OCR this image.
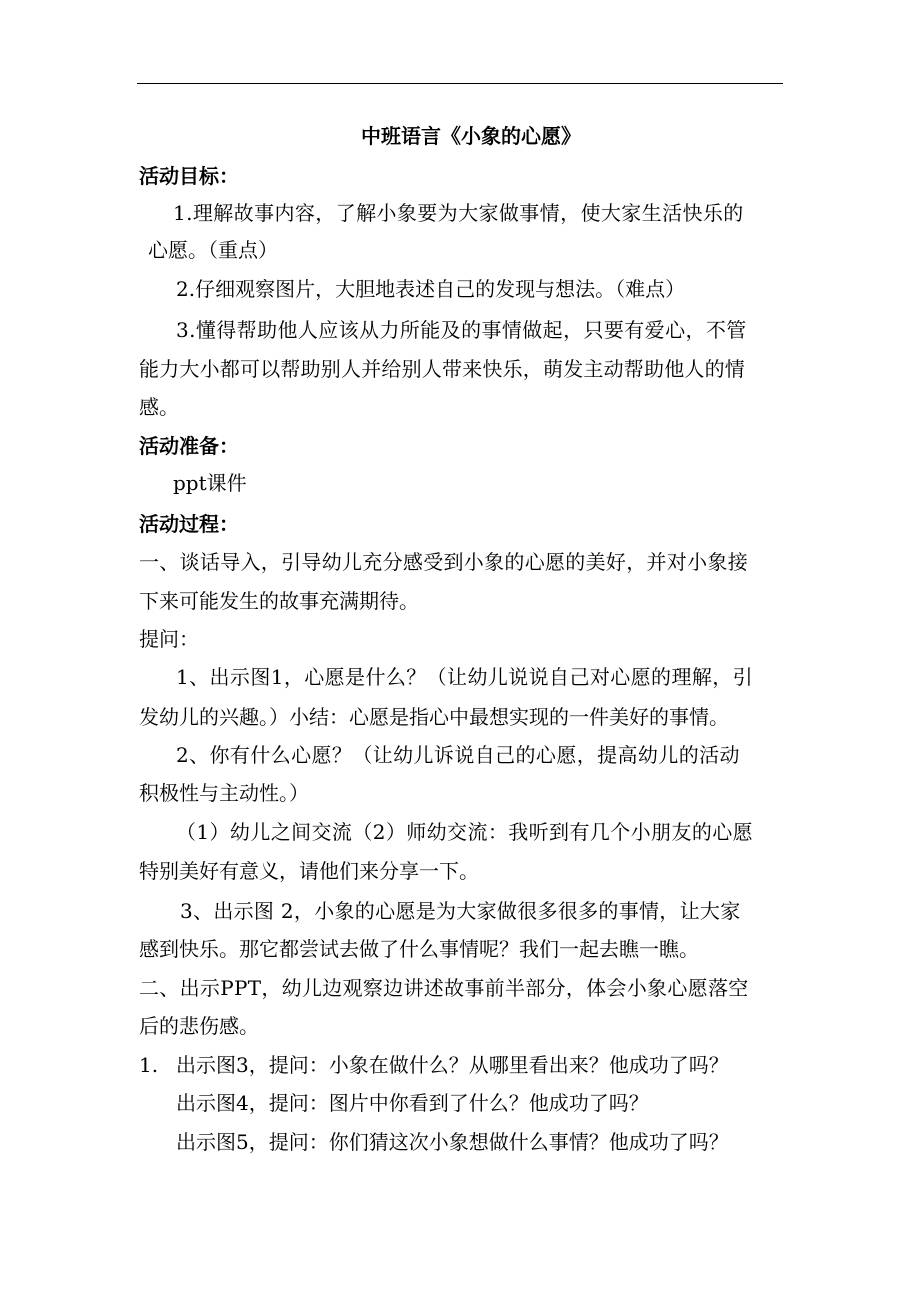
中班语言《小象的心愿》
活动目标：
1.理解故事内容，了解小象要为大家做事情，使大家生活快乐的
心愿。（重点）
2.仔细观察图片，大胆地表述自己的发现与想法。（难点）
3.懂得帮助他人应该从力所能及的事情做起，只要有爱心，不管
能力大小都可以帮助别人并给别人带来快乐，萌发主动帮助他人的情
感。
活动准备：
ppt课件
活动过程：
一、谈话导入，引导幼儿充分感受到小象的心愿的美好，并对小象接
下来可能发生的故事充满期待。
提问：
1、出示图1，心愿是什么？（让幼儿说说自己对心愿的理解，引
发幼儿的兴趣。）小结：心愿是指心中最想实现的一件美好的事情。
2、你有什么心愿？（让幼儿诉说自己的心愿，提高幼儿的活动
积极性与主动性。）
（1）幼儿之间交流（2）师幼交流：我听到有几个小朋友的心愿
特别美好有意义，请他们来分享一下。
3、出示图 2，小象的心愿是为大家做很多很多的事情，让大家
感到快乐。那它都尝试去做了什么事情呢？我们一起去瞧一瞧。
二、出示PPT，幼儿边观察边讲述故事前半部分，体会小象心愿落空
后的悲伤感。
1. 出示图3，提问：小象在做什么？从哪里看出来？他成功了吗？
出示图4，提问：图片中你看到了什么？他成功了吗？
出示图5，提问：你们猜这次小象想做什么事情？他成功了吗？
